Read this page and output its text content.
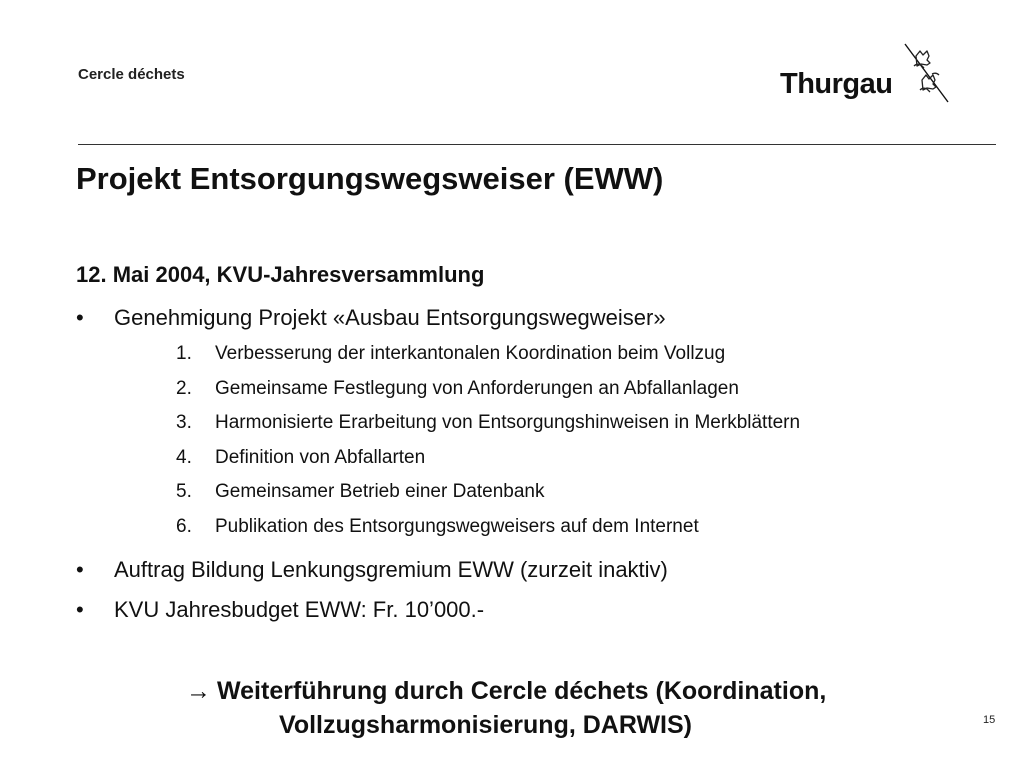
Cercle déchets	Thurgau
Projekt Entsorgungswegsweiser (EWW)
12. Mai 2004, KVU-Jahresversammlung
• Genehmigung Projekt «Ausbau Entsorgungswegweiser»
1. Verbesserung der interkantonalen Koordination beim Vollzug
2. Gemeinsame Festlegung von Anforderungen an Abfallanlagen
3. Harmonisierte Erarbeitung von Entsorgungshinweisen in Merkblättern
4. Definition von Abfallarten
5. Gemeinsamer Betrieb einer Datenbank
6. Publikation des Entsorgungswegweisers auf dem Internet
• Auftrag Bildung Lenkungsgremium EWW (zurzeit inaktiv)
• KVU Jahresbudget EWW: Fr. 10’000.-
→ Weiterführung durch Cercle déchets (Koordination,
Vollzugsharmonisierung, DARWIS)	15
